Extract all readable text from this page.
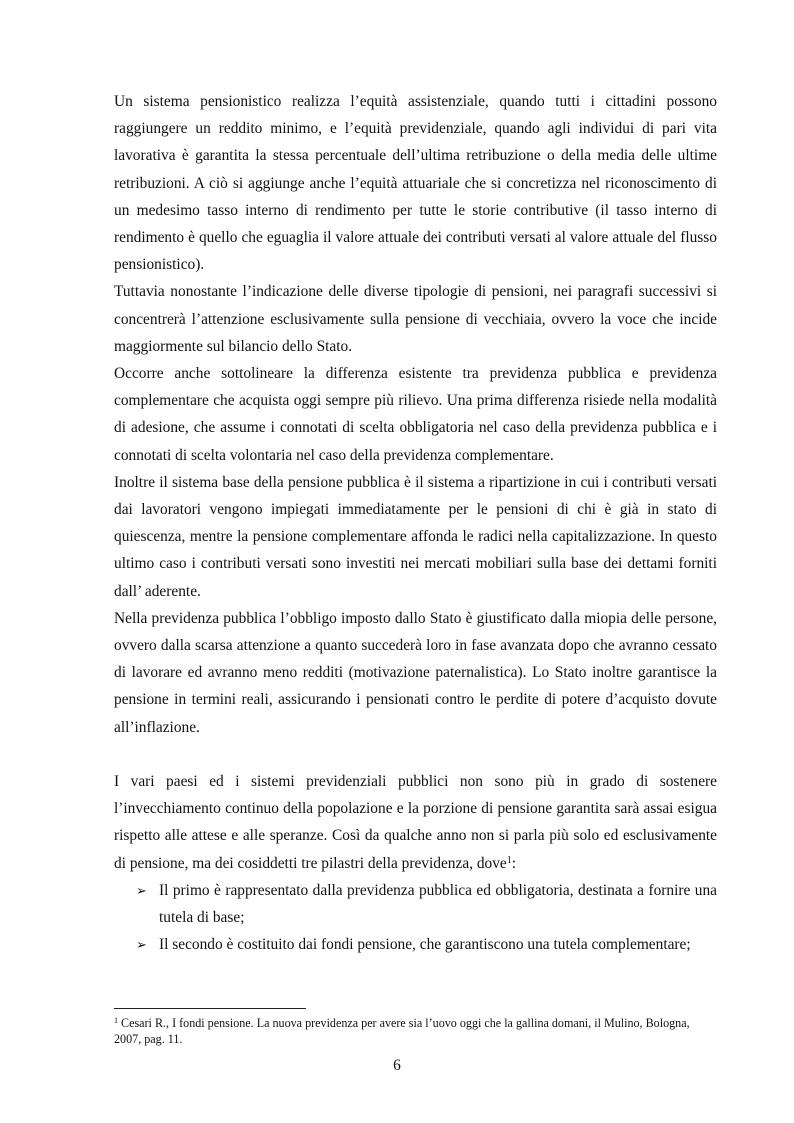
Un sistema pensionistico realizza l’equità assistenziale, quando tutti i cittadini possono raggiungere un reddito minimo, e l’equità previdenziale, quando agli individui di pari vita lavorativa è garantita la stessa percentuale dell’ultima retribuzione o della media delle ultime retribuzioni. A ciò si aggiunge anche l’equità attuariale che si concretizza nel riconoscimento di un medesimo tasso interno di rendimento per tutte le storie contributive (il tasso interno di rendimento è quello che eguaglia il valore attuale dei contributi versati al valore attuale del flusso pensionistico).

Tuttavia nonostante l’indicazione delle diverse tipologie di pensioni, nei paragrafi successivi si concentrerà l’attenzione esclusivamente sulla pensione di vecchiaia, ovvero la voce che incide maggiormente sul bilancio dello Stato.

Occorre anche sottolineare la differenza esistente tra previdenza pubblica e previdenza complementare che acquista oggi sempre più rilievo. Una prima differenza risiede nella modalità di adesione, che assume i connotati di scelta obbligatoria nel caso della previdenza pubblica e i connotati di scelta volontaria nel caso della previdenza complementare.

Inoltre il sistema base della pensione pubblica è il sistema a ripartizione in cui i contributi versati dai lavoratori vengono impiegati immediatamente per le pensioni di chi è già in stato di quiescenza, mentre la pensione complementare affonda le radici nella capitalizzazione. In questo ultimo caso i contributi versati sono investiti nei mercati mobiliari sulla base dei dettami forniti dall’ aderente.

Nella previdenza pubblica l’obbligo imposto dallo Stato è giustificato dalla miopia delle persone, ovvero dalla scarsa attenzione a quanto succederà loro in fase avanzata dopo che avranno cessato di lavorare ed avranno meno redditi (motivazione paternalistica). Lo Stato inoltre garantisce la pensione in termini reali, assicurando i pensionati contro le perdite di potere d’acquisto dovute all’inflazione.

I vari paesi ed i sistemi previdenziali pubblici non sono più in grado di sostenere l’invecchiamento continuo della popolazione e la porzione di pensione garantita sarà assai esigua rispetto alle attese e alle speranze. Così da qualche anno non si parla più solo ed esclusivamente di pensione, ma dei cosiddetti tre pilastri della previdenza, dove$^1$:

➢ Il primo è rappresentato dalla previdenza pubblica ed obbligatoria, destinata a fornire una tutela di base;
➢ Il secondo è costituito dai fondi pensione, che garantiscono una tutela complementare;
$^1$ Cesari R., I fondi pensione. La nuova previdenza per avere sia l’uovo oggi che la gallina domani, il Mulino, Bologna, 2007, pag. 11.
6
